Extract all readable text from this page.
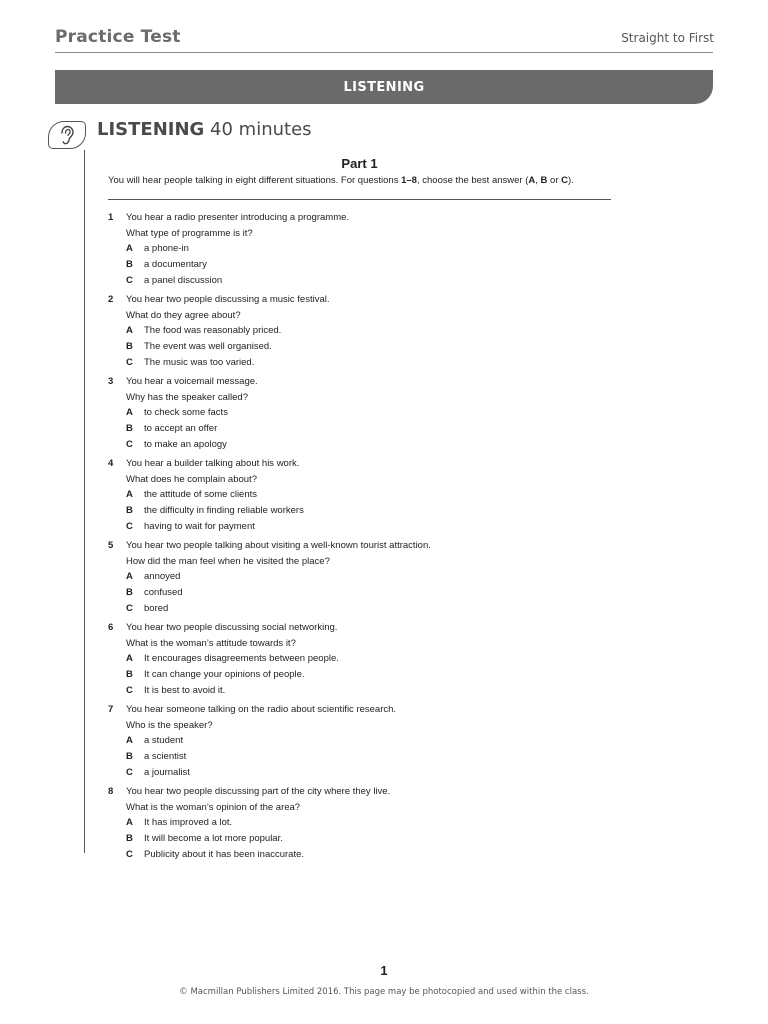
Practice Test	Straight to First
LISTENING
LISTENING 40 minutes
Part 1
You will hear people talking in eight different situations. For questions 1–8, choose the best answer (A, B or C).
1 You hear a radio presenter introducing a programme.
What type of programme is it?
A a phone-in
B a documentary
C a panel discussion
2 You hear two people discussing a music festival.
What do they agree about?
A The food was reasonably priced.
B The event was well organised.
C The music was too varied.
3 You hear a voicemail message.
Why has the speaker called?
A to check some facts
B to accept an offer
C to make an apology
4 You hear a builder talking about his work.
What does he complain about?
A the attitude of some clients
B the difficulty in finding reliable workers
C having to wait for payment
5 You hear two people talking about visiting a well-known tourist attraction.
How did the man feel when he visited the place?
A annoyed
B confused
C bored
6 You hear two people discussing social networking.
What is the woman’s attitude towards it?
A It encourages disagreements between people.
B It can change your opinions of people.
C It is best to avoid it.
7 You hear someone talking on the radio about scientific research.
Who is the speaker?
A a student
B a scientist
C a journalist
8 You hear two people discussing part of the city where they live.
What is the woman’s opinion of the area?
A It has improved a lot.
B It will become a lot more popular.
C Publicity about it has been inaccurate.
1
© Macmillan Publishers Limited 2016. This page may be photocopied and used within the class.
